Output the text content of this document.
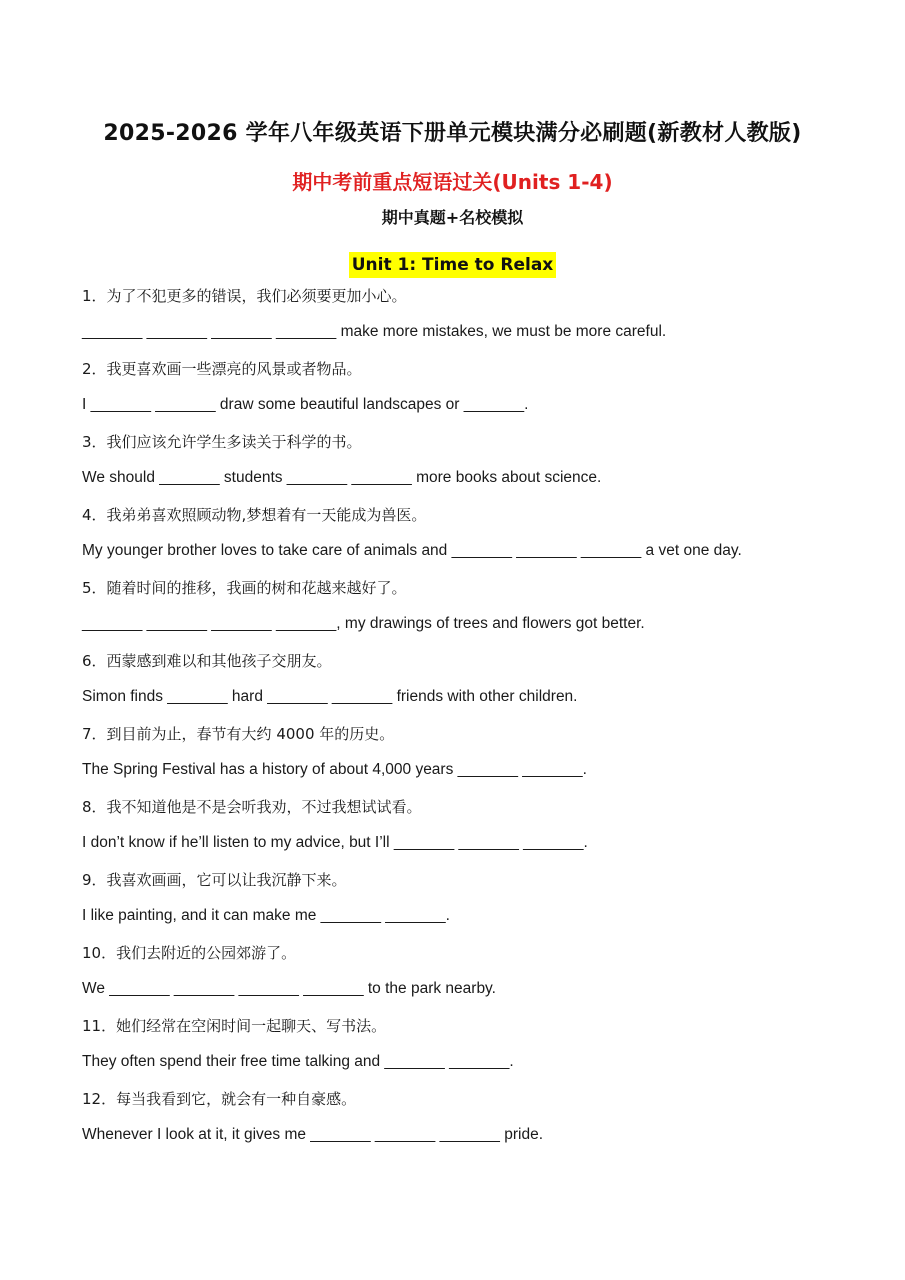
2025-2026 学年八年级英语下册单元模块满分必刷题(新教材人教版)
期中考前重点短语过关(Units 1-4)
期中真题+名校模拟
Unit 1: Time to Relax
1．为了不犯更多的错误，我们必须要更加小心。
_______ _______ _______ _______ make more mistakes, we must be more careful.
2．我更喜欢画一些漂亮的风景或者物品。
I _______ _______ draw some beautiful landscapes or _______.
3．我们应该允许学生多读关于科学的书。
We should _______ students _______ _______ more books about science.
4．我弟弟喜欢照顾动物,梦想着有一天能成为兽医。
My younger brother loves to take care of animals and _______ _______ _______ a vet one day.
5．随着时间的推移，我画的树和花越来越好了。
_______ _______ _______ _______, my drawings of trees and flowers got better.
6．西蒙感到难以和其他孩子交朋友。
Simon finds _______ hard _______ _______ friends with other children.
7．到目前为止，春节有大约 4000 年的历史。
The Spring Festival has a history of about 4,000 years _______ _______.
8．我不知道他是不是会听我劝，不过我想试试看。
I don’t know if he’ll listen to my advice, but I’ll _______ _______ _______.
9．我喜欢画画，它可以让我沉静下来。
I like painting, and it can make me _______ _______.
10．我们去附近的公园郊游了。
We _______ _______ _______ _______ to the park nearby.
11．她们经常在空闲时间一起聊天、写书法。
They often spend their free time talking and _______ _______.
12．每当我看到它，就会有一种自豪感。
Whenever I look at it, it gives me _______ _______ _______ pride.
